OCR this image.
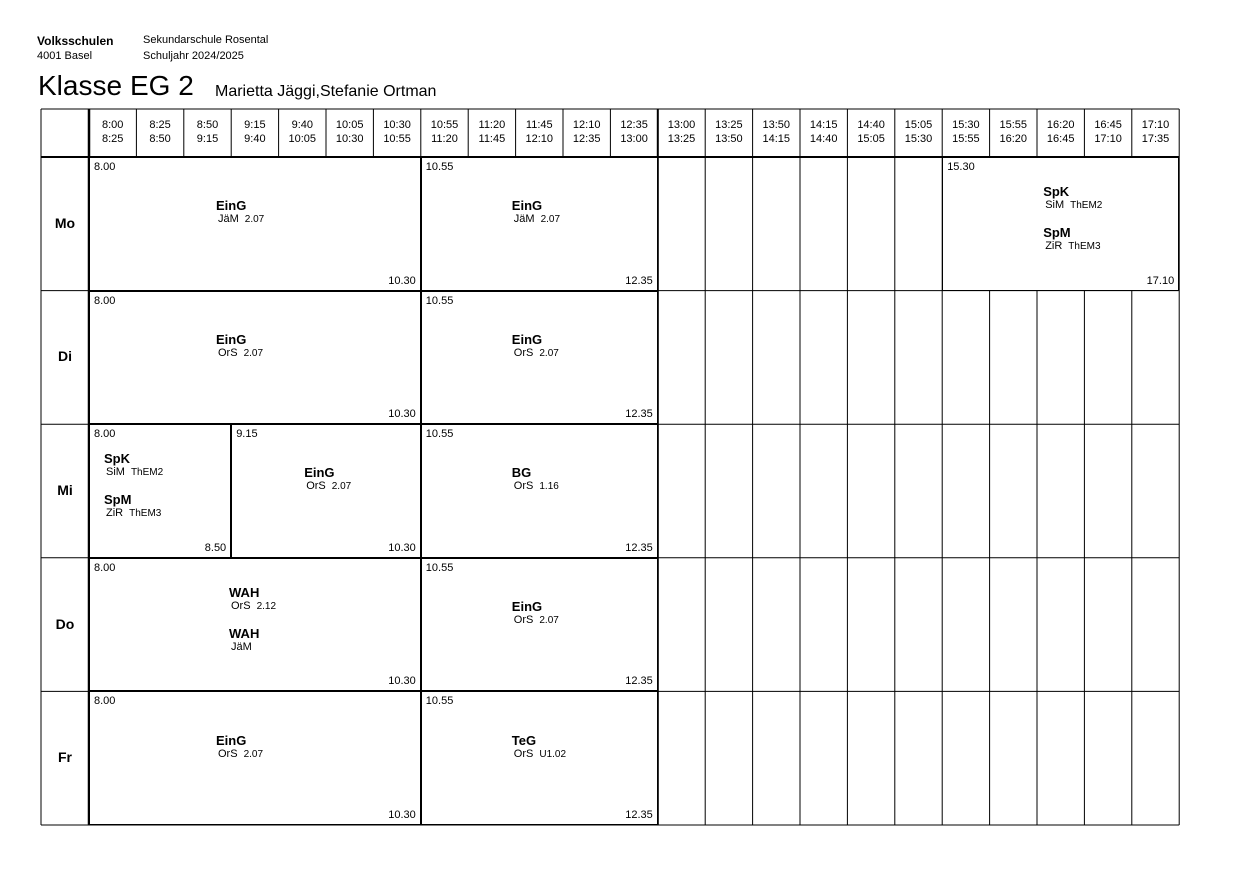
Volksschulen
4001 Basel
Sekundarschule Rosental
Schuljahr 2024/2025
Klasse EG 2 Marietta Jäggi,Stefanie Ortman
8:00
8:25
8:25
8:50
8:50
9:15
9:15
9:40
9:40
10:05
10:05
10:30
10:30
10:55
10:55
11:20
11:20
11:45
11:45
12:10
12:10
12:35
12:35
13:00
13:00
13:25
13:25
13:50
13:50
14:15
14:15
14:40
14:40
15:05
15:05
15:30
15:30
15:55
15:55
16:20
16:20
16:45
16:45
17:10
17:10
17:35
Mo
8.00
10.30
EinG
JäM 2.07
10.55
12.35
EinG
JäM 2.07
15.30
17.10
SpK
SiM ThEM2
SpM
ZiR ThEM3
Di
8.00
10.30
EinG
OrS 2.07
10.55
12.35
EinG
OrS 2.07
Mi
8.00
8.50
SpK
SiM ThEM2
SpM
ZiR ThEM3
9.15
10.30
EinG
OrS 2.07
10.55
12.35
BG
OrS 1.16
Do
8.00
10.30
WAH
OrS 2.12
WAH
JäM
10.55
12.35
EinG
OrS 2.07
Fr
8.00
10.30
EinG
OrS 2.07
10.55
12.35
TeG
OrS U1.02
